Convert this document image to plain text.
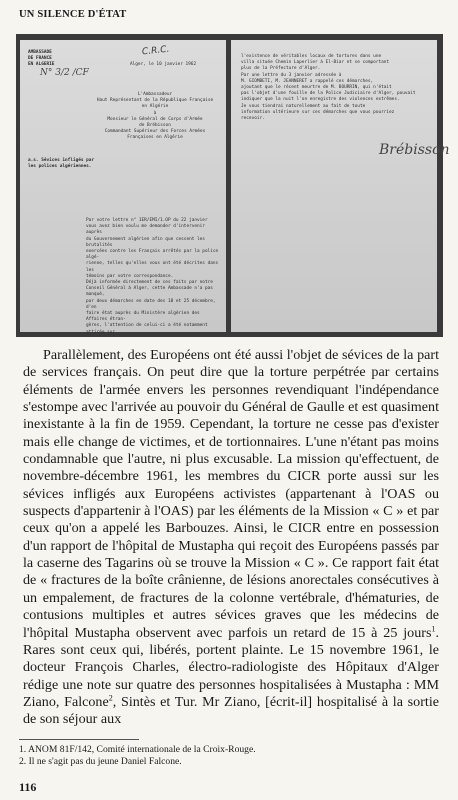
UN SILENCE D'ÉTAT
AMBASSADE
DE FRANCE
EN ALGERIE
N° 3/2 /CF
C.R.C.
Alger, le 10 janvier 1962
L'Ambassadeur
Haut Représentant de la République Française
en Algérie
à
Monsieur le Général de Corps d'Armée
de Brébisson
Commandant Supérieur des Forces Armées
Françaises en Algérie
a.s. Sévices infligés par
les polices algériennes.
Par votre lettre n° 1ER/EMI/1.OP du 22 janvier
vous avez bien voulu me demander d'intervenir auprès
du Gouvernement algérien afin que cessent les brutalités
exercées contre les Français arrêtés par la police algé-
rienne, telles qu'elles vous ont été décrites dans les
témoins par votre correspondance.
Déjà informée directement de ces faits par notre
Conseil Général à Alger, cette Ambassade n'a pas manqué,
par deux démarches en date des 18 et 25 décembre, d'en
faire état auprès du Ministère algérien des Affaires étran-
gères, l'attention de celui-ci a été notamment attirée sur
l'existence de véritables locaux de tortures dans une
villa située Chemin Laperlier à El-Biar et se comportant
plus de la Préfecture d'Alger.
Par une lettre du 3 janvier adressée à
M. GIOMBETI, M. JEANNERET a rappelé ces démarches,
ajoutant que le récent meurtre de M. BOURRIN, qui n'était
pas l'objet d'une fouille de la Police Judiciaire d'Alger, pouvait
indiquer que la nuit l'on enregistre des violences extrêmes.
Je vous tiendrai naturellement au fait de toute
information ultérieure sur ces démarches que vous pourriez
recevoir.
Brébisson

Parallèlement, des Européens ont été aussi l'objet de sévices de la part de services français. On peut dire que la torture perpétrée par certains éléments de l'armée envers les personnes revendiquant l'indépendance s'estompe avec l'arrivée au pouvoir du Général de Gaulle et est quasiment inexistante à la fin de 1959. Cependant, la torture ne cesse pas d'exister mais elle change de victimes, et de tortionnaires. L'une n'étant pas moins condamnable que l'autre, ni plus excusable. La mission qu'effectuent, de novembre-décembre 1961, les membres du CICR porte aussi sur les sévices infligés aux Européens activistes (appartenant à l'OAS ou suspects d'appartenir à l'OAS) par les éléments de la Mission « C » et par ceux qu'on a appelé les Barbouzes. Ainsi, le CICR entre en possession d'un rapport de l'hôpital de Mustapha qui reçoit des Européens passés par la caserne des Tagarins où se trouve la Mission « C ». Ce rapport fait état de « fractures de la boîte crânienne, de lésions anorectales consécutives à un empalement, de fractures de la colonne vertébrale, d'hématuries, de contusions multiples et autres sévices graves que les médecins de l'hôpital Mustapha observent avec parfois un retard de 15 à 25 jours$^1$. Rares sont ceux qui, libérés, portent plainte. Le 15 novembre 1961, le docteur François Charles, électro-radiologiste des Hôpitaux d'Alger rédige une note sur quatre des personnes hospitalisées à Mustapha : MM Ziano, Falcone$^2$, Sintès et Tur. Mr Ziano, [écrit-il] hospitalisé à la sortie de son séjour aux

1. ANOM 81F/142, Comité internationale de la Croix-Rouge.
2. Il ne s'agit pas du jeune Daniel Falcone.
116
